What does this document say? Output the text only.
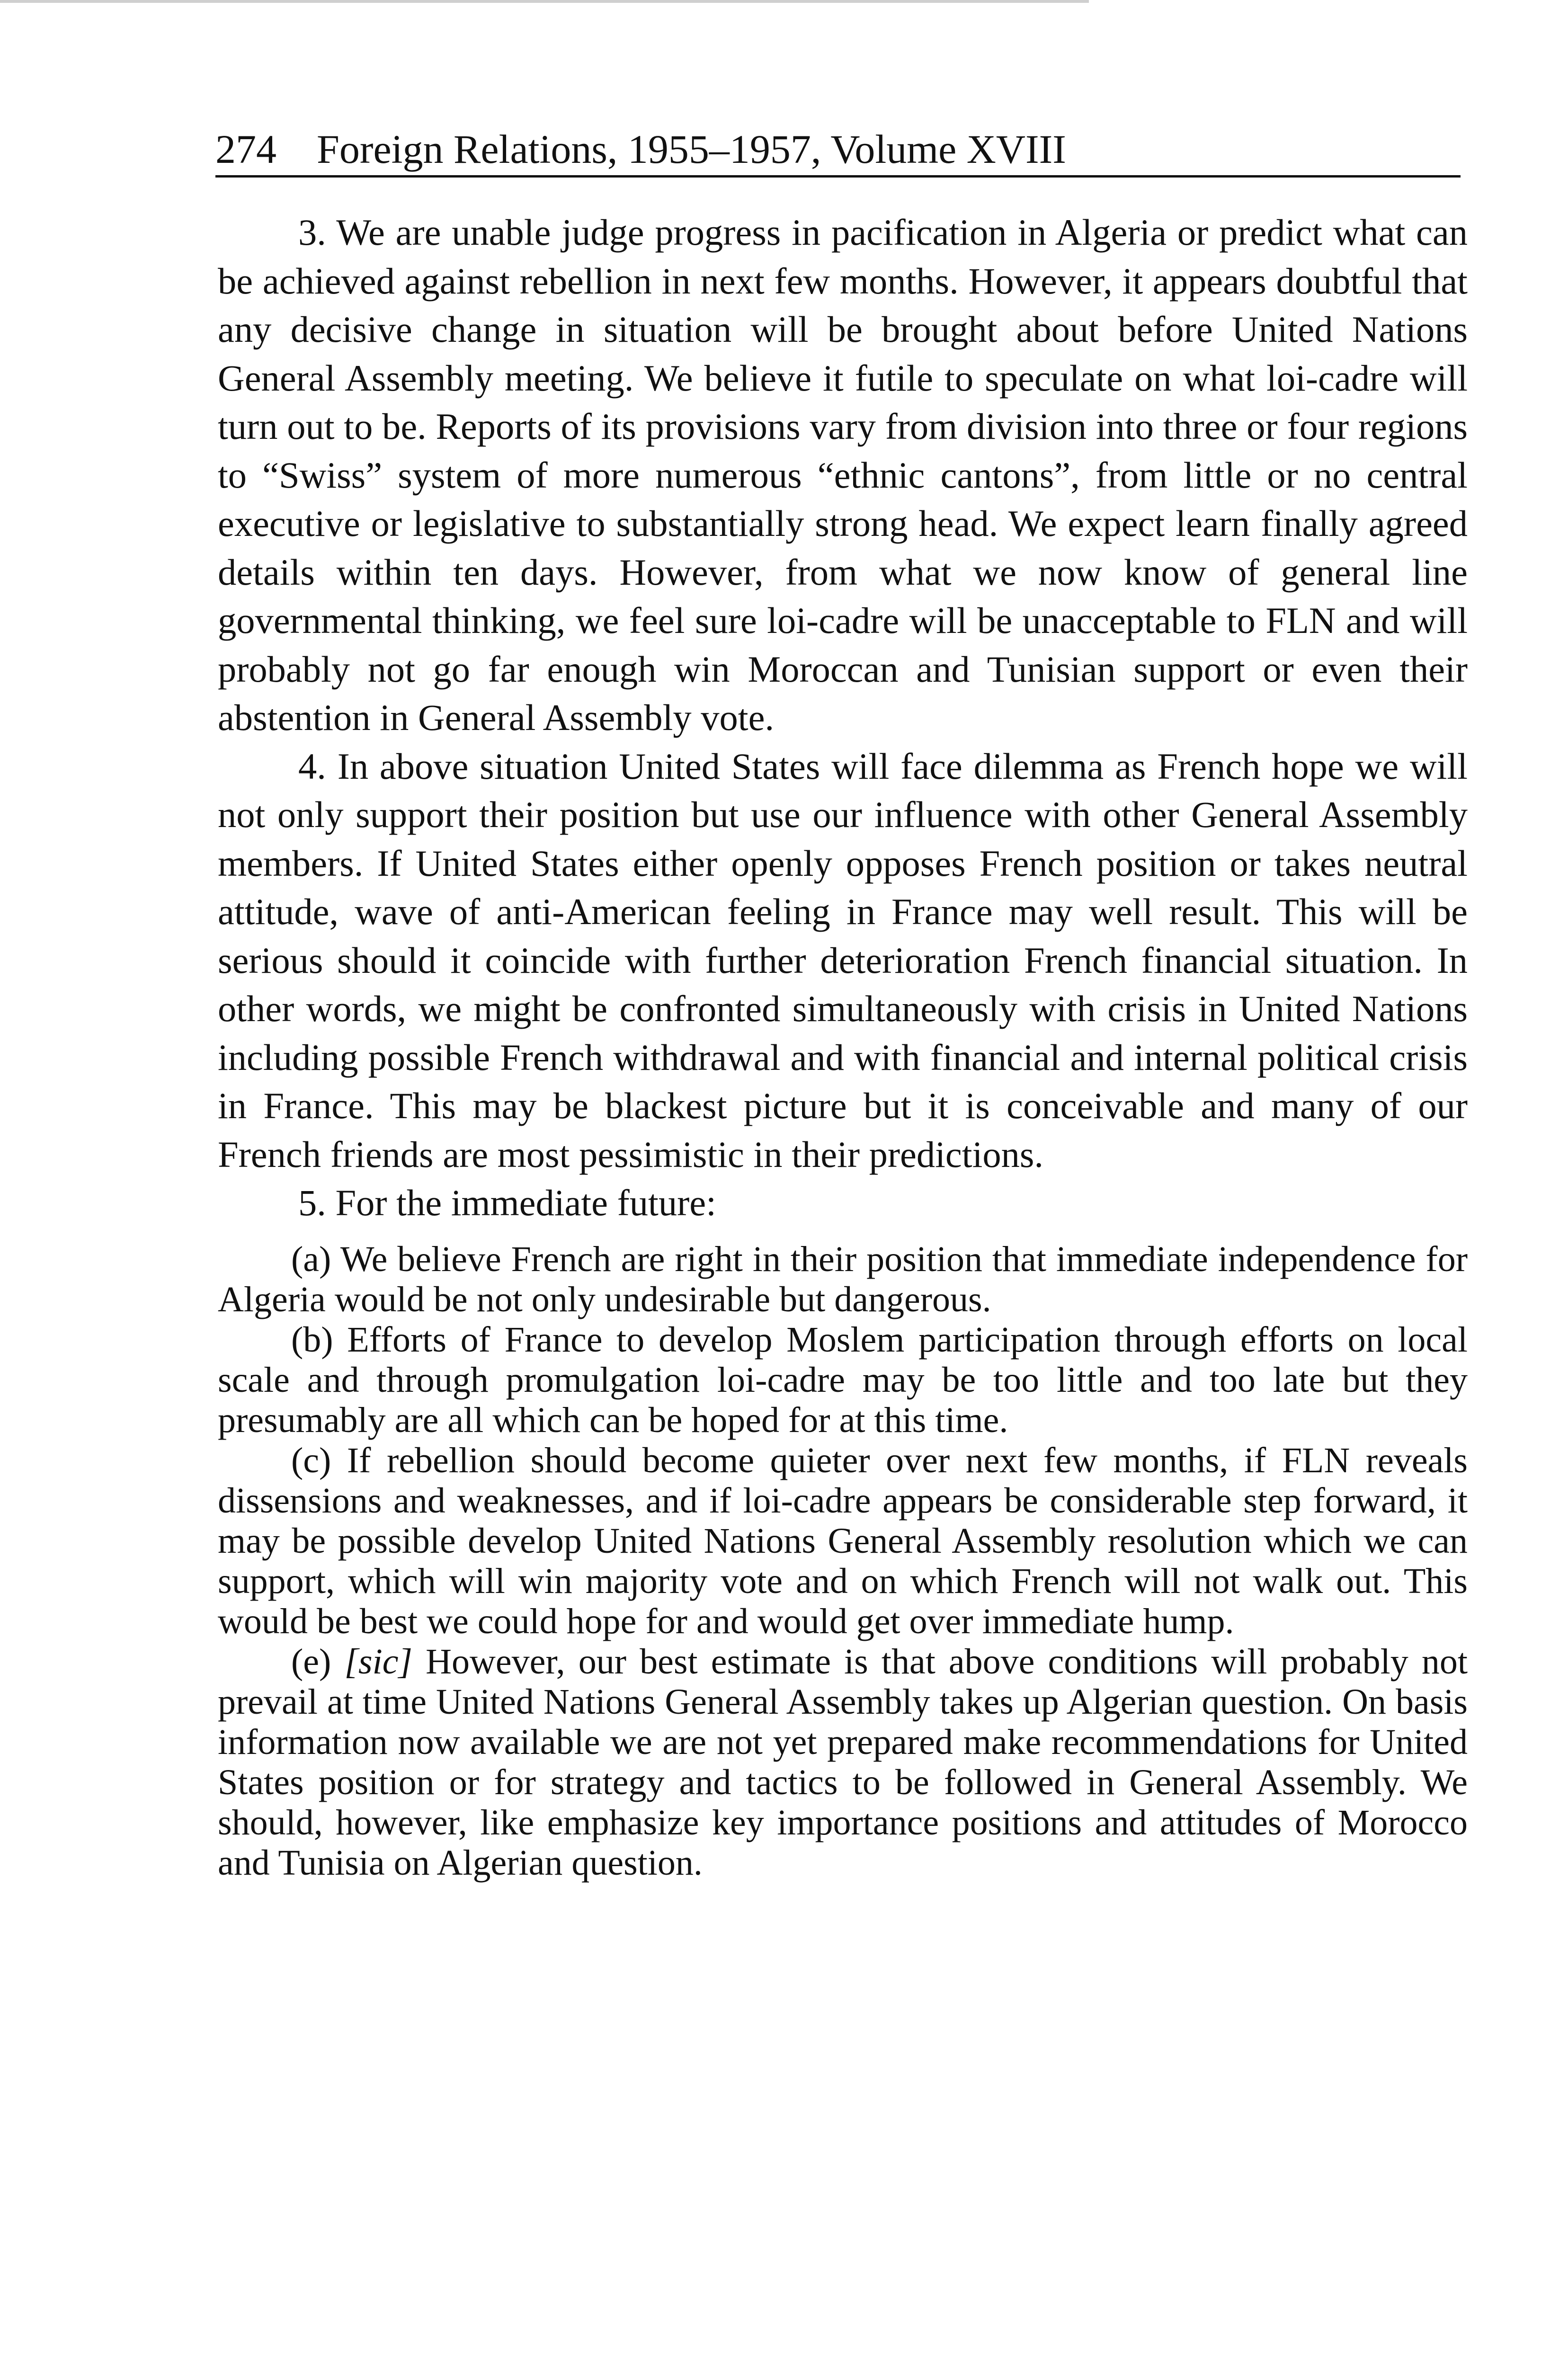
274 Foreign Relations, 1955–1957, Volume XVIII

3. We are unable judge progress in pacification in Algeria or predict what can be achieved against rebellion in next few months. However, it appears doubtful that any decisive change in situation will be brought about before United Nations General Assembly meeting. We believe it futile to speculate on what loi-cadre will turn out to be. Reports of its provisions vary from division into three or four regions to “Swiss” system of more numerous “ethnic cantons”, from little or no central executive or legislative to substantially strong head. We expect learn finally agreed details within ten days. However, from what we now know of general line governmental thinking, we feel sure loi-cadre will be unacceptable to FLN and will probably not go far enough win Moroccan and Tunisian support or even their abstention in General Assembly vote.

4. In above situation United States will face dilemma as French hope we will not only support their position but use our influence with other General Assembly members. If United States either openly opposes French position or takes neutral attitude, wave of anti-American feeling in France may well result. This will be serious should it coincide with further deterioration French financial situation. In other words, we might be confronted simultaneously with crisis in United Nations including possible French withdrawal and with financial and internal political crisis in France. This may be blackest picture but it is conceivable and many of our French friends are most pessimistic in their predictions.

5. For the immediate future:

(a) We believe French are right in their position that immediate independence for Algeria would be not only undesirable but dangerous.

(b) Efforts of France to develop Moslem participation through efforts on local scale and through promulgation loi-cadre may be too little and too late but they presumably are all which can be hoped for at this time.

(c) If rebellion should become quieter over next few months, if FLN reveals dissensions and weaknesses, and if loi-cadre appears be considerable step forward, it may be possible develop United Nations General Assembly resolution which we can support, which will win majority vote and on which French will not walk out. This would be best we could hope for and would get over immediate hump.

(e) [sic] However, our best estimate is that above conditions will probably not prevail at time United Nations General Assembly takes up Algerian question. On basis information now available we are not yet prepared make recommendations for United States position or for strategy and tactics to be followed in General Assembly. We should, however, like emphasize key importance positions and attitudes of Morocco and Tunisia on Algerian question.
